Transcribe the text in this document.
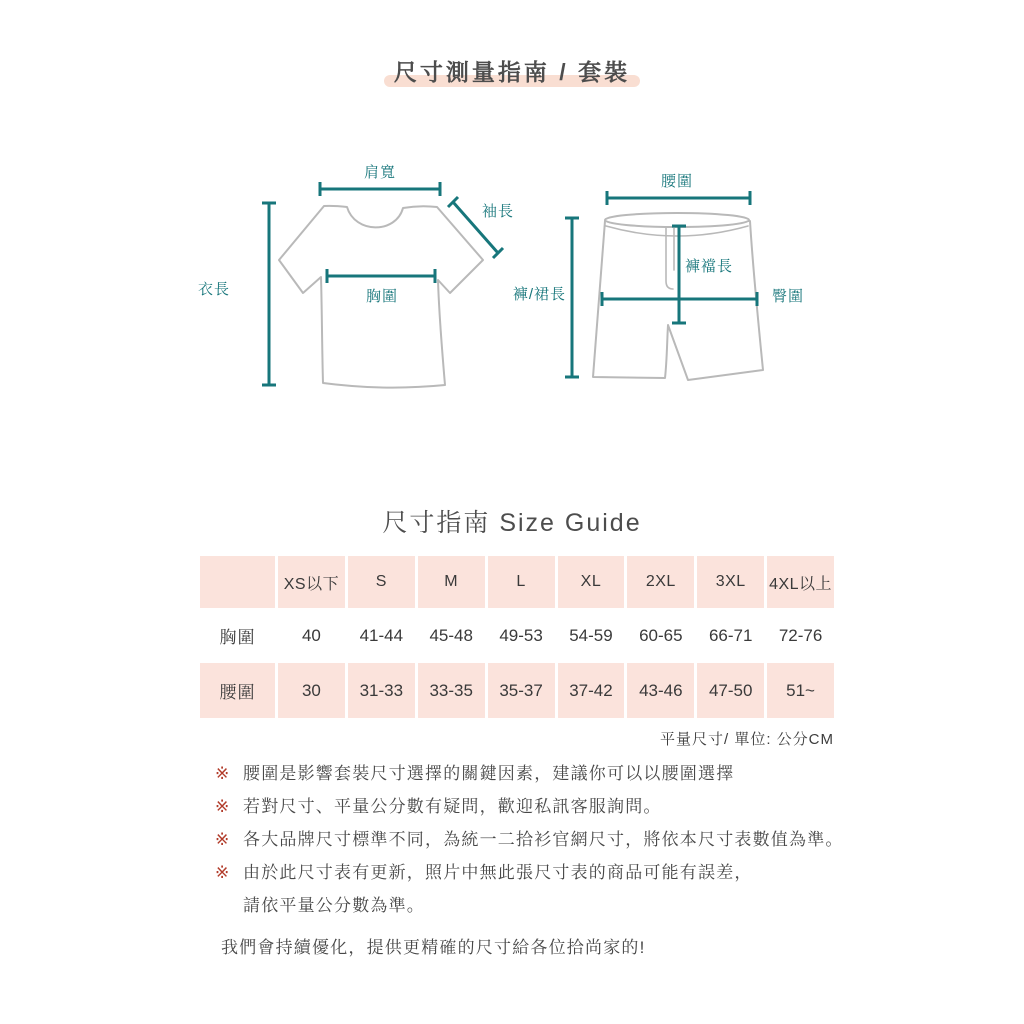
尺寸測量指南 / 套裝
肩寬
衣長	胸圍
袖長
腰圍
褲/裙長
褲襠長
臀圍
尺寸指南 Size Guide
	XS以下	S	M	L	XL	2XL	3XL	4XL以上
胸圍	40	41-44	45-48	49-53	54-59	60-65	66-71	72-76
腰圍	30	31-33	33-35	35-37	37-42	43-46	47-50	51~
平量尺寸/ 單位: 公分CM
※ 腰圍是影響套裝尺寸選擇的關鍵因素，建議你可以以腰圍選擇
※ 若對尺寸、平量公分數有疑問，歡迎私訊客服詢問。
※ 各大品牌尺寸標準不同，為統一二拾衫官網尺寸，將依本尺寸表數值為準。
※ 由於此尺寸表有更新，照片中無此張尺寸表的商品可能有誤差，
請依平量公分數為準。
我們會持續優化，提供更精確的尺寸給各位拾尚家的!
